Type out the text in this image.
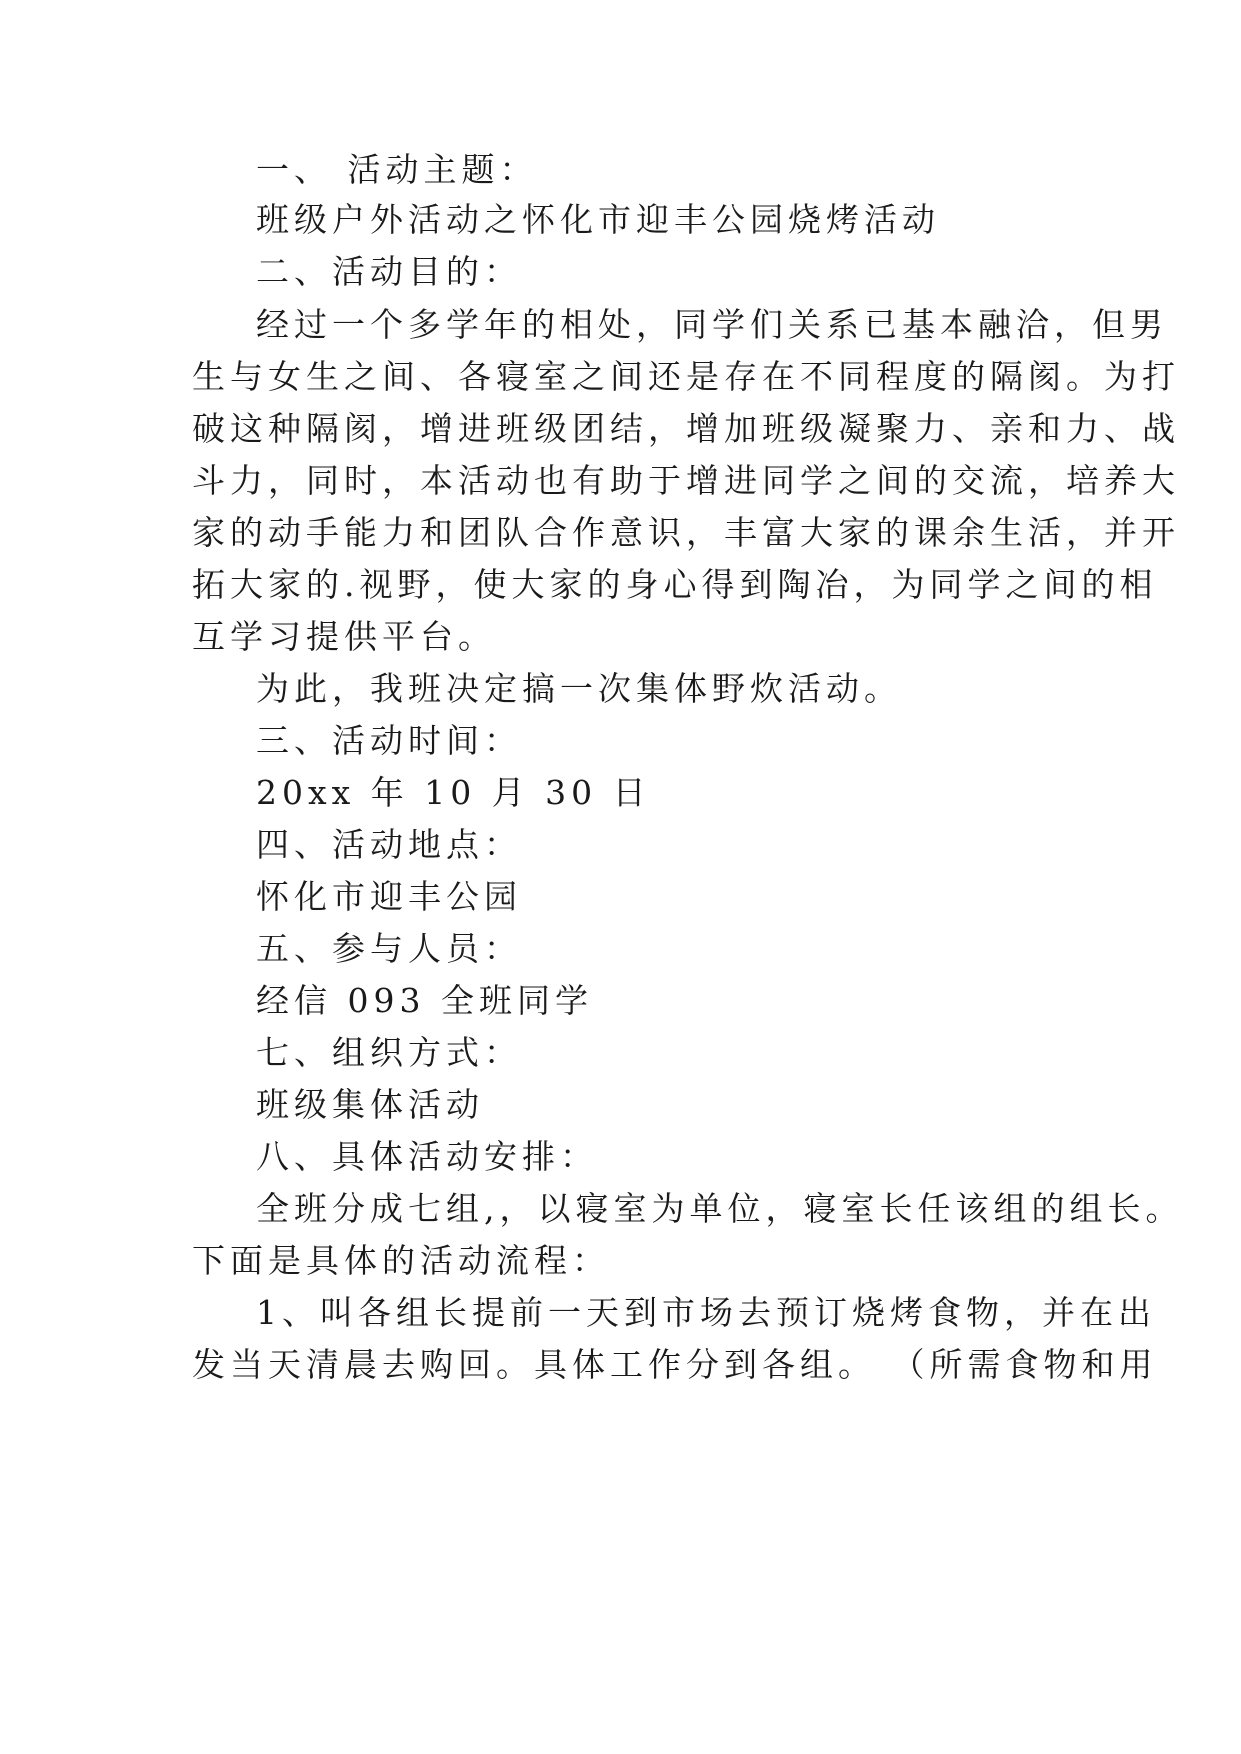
一、 活动主题：
班级户外活动之怀化市迎丰公园烧烤活动
二、活动目的：
经过一个多学年的相处，同学们关系已基本融洽，但男
生与女生之间、各寝室之间还是存在不同程度的隔阂。为打
破这种隔阂，增进班级团结，增加班级凝聚力、亲和力、战
斗力，同时，本活动也有助于增进同学之间的交流，培养大
家的动手能力和团队合作意识，丰富大家的课余生活，并开
拓大家的.视野，使大家的身心得到陶冶，为同学之间的相
互学习提供平台。
为此，我班决定搞一次集体野炊活动。
三、活动时间：
20xx 年 10 月 30 日
四、活动地点：
怀化市迎丰公园
五、参与人员：
经信 093 全班同学
七、组织方式：
班级集体活动
八、具体活动安排：
全班分成七组,，以寝室为单位，寝室长任该组的组长。
下面是具体的活动流程：
1、叫各组长提前一天到市场去预订烧烤食物，并在出
发当天清晨去购回。具体工作分到各组。 （所需食物和用
